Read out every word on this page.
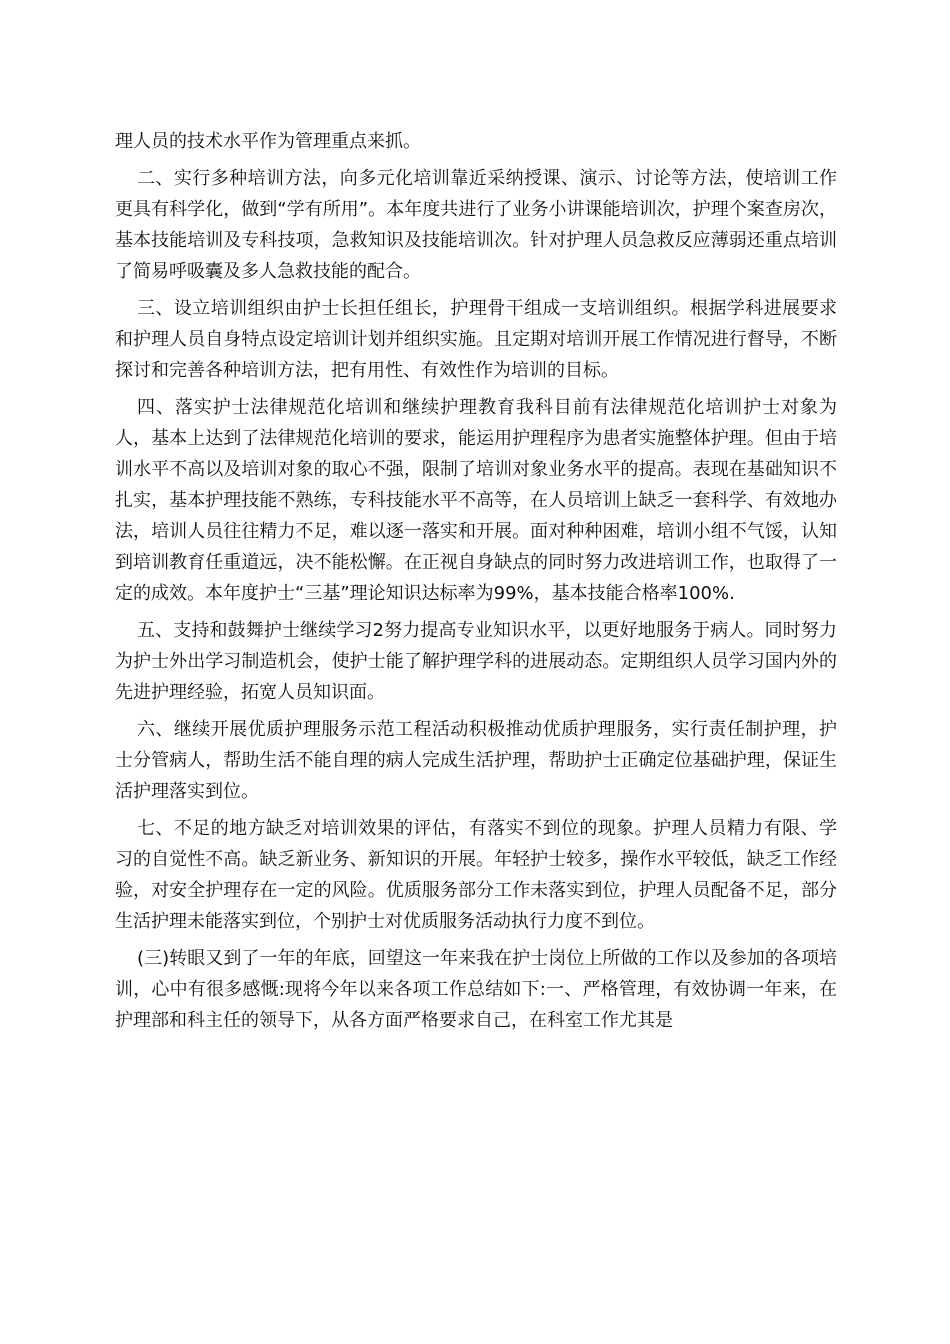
理人员的技术水平作为管理重点来抓。

二、实行多种培训方法，向多元化培训靠近采纳授课、演示、讨论等方法，使培训工作更具有科学化，做到“学有所用”。本年度共进行了业务小讲课能培训次，护理个案查房次，基本技能培训及专科技项，急救知识及技能培训次。针对护理人员急救反应薄弱还重点培训了简易呼吸囊及多人急救技能的配合。

三、设立培训组织由护士长担任组长，护理骨干组成一支培训组织。根据学科进展要求和护理人员自身特点设定培训计划并组织实施。且定期对培训开展工作情况进行督导，不断探讨和完善各种培训方法，把有用性、有效性作为培训的目标。

四、落实护士法律规范化培训和继续护理教育我科目前有法律规范化培训护士对象为人，基本上达到了法律规范化培训的要求，能运用护理程序为患者实施整体护理。但由于培训水平不高以及培训对象的取心不强，限制了培训对象业务水平的提高。表现在基础知识不扎实，基本护理技能不熟练，专科技能水平不高等，在人员培训上缺乏一套科学、有效地办法，培训人员往往精力不足，难以逐一落实和开展。面对种种困难，培训小组不气馁，认知到培训教育任重道远，决不能松懈。在正视自身缺点的同时努力改进培训工作，也取得了一定的成效。本年度护士“三基”理论知识达标率为99%，基本技能合格率100%.

五、支持和鼓舞护士继续学习2努力提高专业知识水平，以更好地服务于病人。同时努力为护士外出学习制造机会，使护士能了解护理学科的进展动态。定期组织人员学习国内外的先进护理经验，拓宽人员知识面。

六、继续开展优质护理服务示范工程活动积极推动优质护理服务，实行责任制护理，护士分管病人，帮助生活不能自理的病人完成生活护理，帮助护士正确定位基础护理，保证生活护理落实到位。

七、不足的地方缺乏对培训效果的评估，有落实不到位的现象。护理人员精力有限、学习的自觉性不高。缺乏新业务、新知识的开展。年轻护士较多，操作水平较低，缺乏工作经验，对安全护理存在一定的风险。优质服务部分工作未落实到位，护理人员配备不足，部分生活护理未能落实到位，个别护士对优质服务活动执行力度不到位。

(三)转眼又到了一年的年底，回望这一年来我在护士岗位上所做的工作以及参加的各项培训，心中有很多感慨:现将今年以来各项工作总结如下:一、严格管理，有效协调一年来，在护理部和科主任的领导下，从各方面严格要求自己，在科室工作尤其是
